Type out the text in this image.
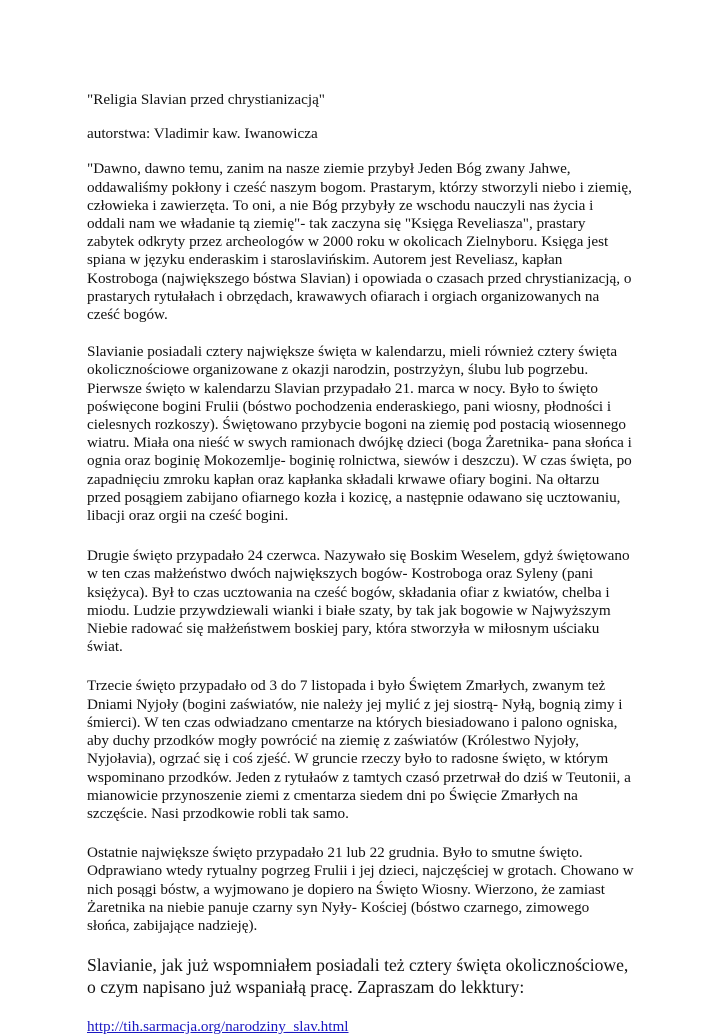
"Religia Slavian przed chrystianizacją"

autorstwa: Vladimir kaw. Iwanowicza

"Dawno, dawno temu, zanim na nasze ziemie przybył Jeden Bóg zwany Jahwe, oddawaliśmy pokłony i cześć naszym bogom. Prastarym, którzy stworzyli niebo i ziemię, człowieka i zawierzęta. To oni, a nie Bóg przybyły ze wschodu nauczyli nas życia i oddali nam we władanie tą ziemię"- tak zaczyna się "Księga Reveliasza", prastary zabytek odkryty przez archeologów w 2000 roku w okolicach Zielnyboru. Księga jest spiana w języku enderaskim i staroslavińskim. Autorem jest Reveliasz, kapłan Kostroboga (największego bóstwa Slavian) i opowiada o czasach przed chrystianizacją, o prastarych rytułałach i obrzędach, krawawych ofiarach i orgiach organizowanych na cześć bogów.

Slavianie posiadali cztery największe święta w kalendarzu, mieli również cztery święta okolicznościowe organizowane z okazji narodzin, postrzyżyn, ślubu lub pogrzebu.

Pierwsze święto w kalendarzu Slavian przypadało 21. marca w nocy. Było to święto poświęcone bogini Frulii (bóstwo pochodzenia enderaskiego, pani wiosny, płodności i cielesnych rozkoszy). Świętowano przybycie bogoni na ziemię pod postacią wiosennego wiatru. Miała ona nieść w swych ramionach dwójkę dzieci (boga Żaretnika- pana słońca i ognia oraz boginię Mokozemlje- boginię rolnictwa, siewów i deszczu). W czas święta, po zapadnięciu zmroku kapłan oraz kapłanka składali krwawe ofiary bogini. Na ołtarzu przed posągiem zabijano ofiarnego kozła i kozicę, a następnie odawano się ucztowaniu, libacji oraz orgii na cześć bogini.

Drugie święto przypadało 24 czerwca. Nazywało się Boskim Weselem, gdyż świętowano w ten czas małżeństwo dwóch największych bogów- Kostroboga oraz Syleny (pani księżyca). Był to czas ucztowania na cześć bogów, składania ofiar z kwiatów, chelba i miodu. Ludzie przywdziewali wianki i białe szaty, by tak jak bogowie w Najwyższym Niebie radować się małżeństwem boskiej pary, która stworzyła w miłosnym uściaku świat.

Trzecie święto przypadało od 3 do 7 listopada i było Świętem Zmarłych, zwanym też Dniami Nyjoły (bogini zaświatów, nie należy jej mylić z jej siostrą- Nyłą, bognią zimy i śmierci). W ten czas odwiadzano cmentarze na których biesiadowano i palono ogniska, aby duchy przodków mogły powrócić na ziemię z zaświatów (Królestwo Nyjoły, Nyjołavia), ogrzać się i coś zjeść. W gruncie rzeczy było to radosne święto, w którym wspominano przodków. Jeden z rytułaów z tamtych czasó przetrwał do dziś w Teutonii, a mianowicie przynoszenie ziemi z cmentarza siedem dni po Święcie Zmarłych na szczęście. Nasi przodkowie robli tak samo.

Ostatnie największe święto przypadało 21 lub 22 grudnia. Było to smutne święto. Odprawiano wtedy rytualny pogrzeg Frulii i jej dzieci, najczęściej w grotach. Chowano w nich posągi bóstw, a wyjmowano je dopiero na Święto Wiosny. Wierzono, że zamiast Żaretnika na niebie panuje czarny syn Nyły- Kościej (bóstwo czarnego, zimowego słońca, zabijające nadzieję).

Slavianie, jak już wspomniałem posiadali też cztery święta okolicznościowe, o czym napisano już wspaniałą pracę. Zapraszam do lekktury:

http://tih.sarmacja.org/narodziny_slav.html
